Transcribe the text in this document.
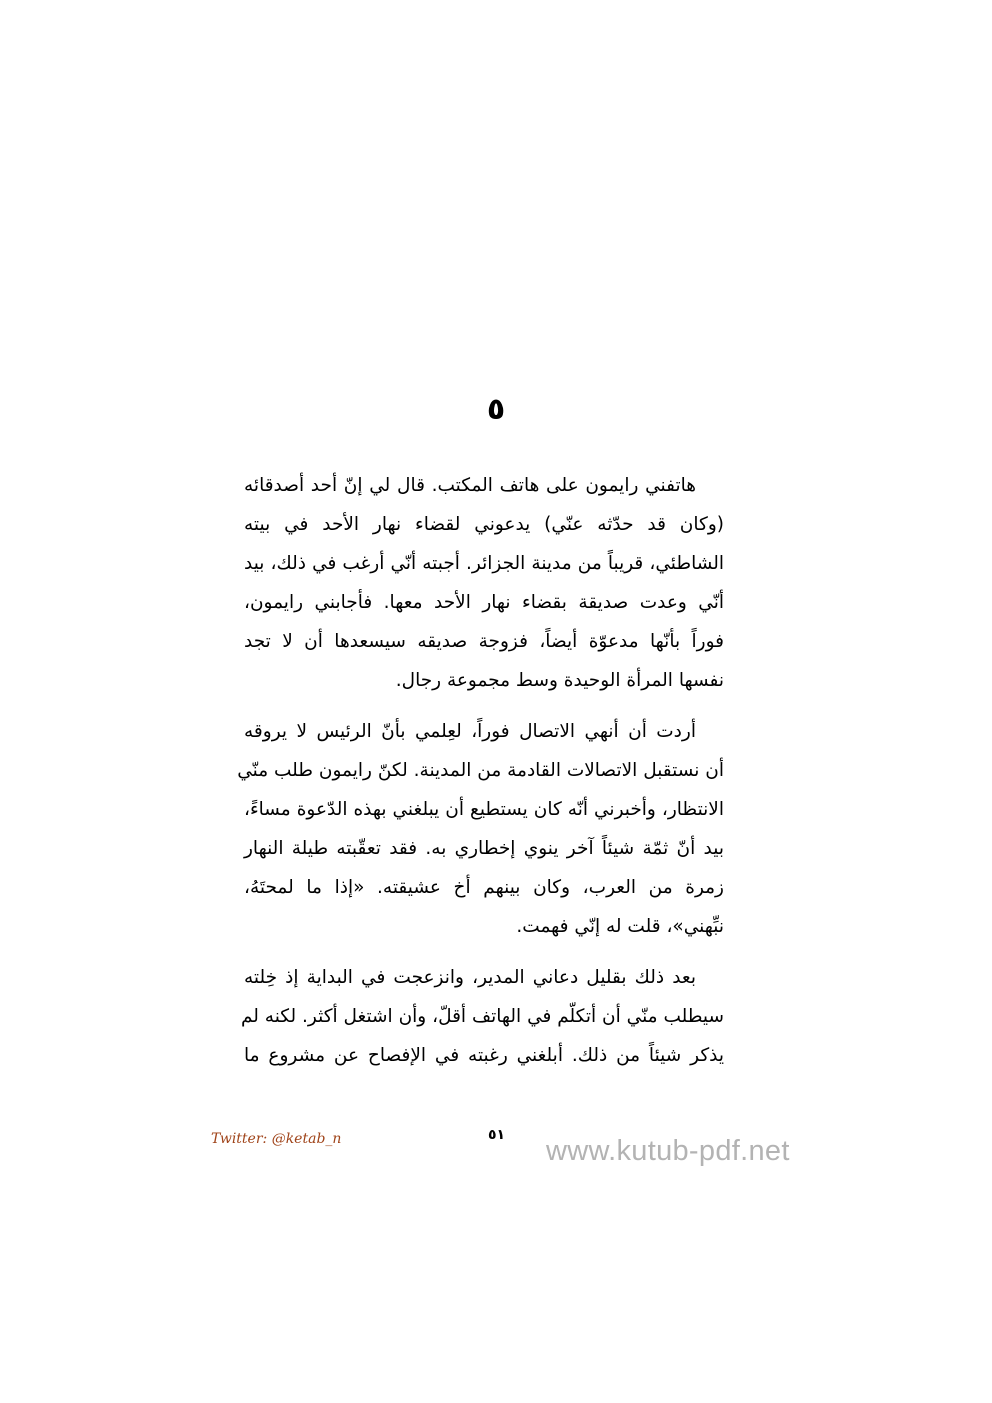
٥

هاتفني رايمون على هاتف المكتب. قال لي إنّ أحد أصدقائه
(وكان قد حدّثه عنّي) يدعوني لقضاء نهار الأحد في بيته
الشاطئي، قريباً من مدينة الجزائر. أجبته أنّي أرغب في ذلك، بيد
أنّي وعدت صديقة بقضاء نهار الأحد معها. فأجابني رايمون،
فوراً بأنّها مدعوّة أيضاً، فزوجة صديقه سيسعدها أن لا تجد
نفسها المرأة الوحيدة وسط مجموعة رجال.

أردت أن أنهي الاتصال فوراً، لعِلمي بأنّ الرئيس لا يروقه
أن نستقبل الاتصالات القادمة من المدينة. لكنّ رايمون طلب منّي
الانتظار، وأخبرني أنّه كان يستطيع أن يبلغني بهذه الدّعوة مساءً،
بيد أنّ ثمّة شيئاً آخر ينوي إخطاري به. فقد تعقّبته طيلة النهار
زمرة من العرب، وكان بينهم أخ عشيقته. «إذا ما لمحتَهُ،
نبِّهني»، قلت له إنّي فهمت.

بعد ذلك بقليل دعاني المدير، وانزعجت في البداية إذ خِلته
سيطلب منّي أن أتكلّم في الهاتف أقلّ، وأن اشتغل أكثر. لكنه لم
يذكر شيئاً من ذلك. أبلغني رغبته في الإفصاح عن مشروع ما

Twitter: @ketab_n	٥١ www.kutub-pdf.net
